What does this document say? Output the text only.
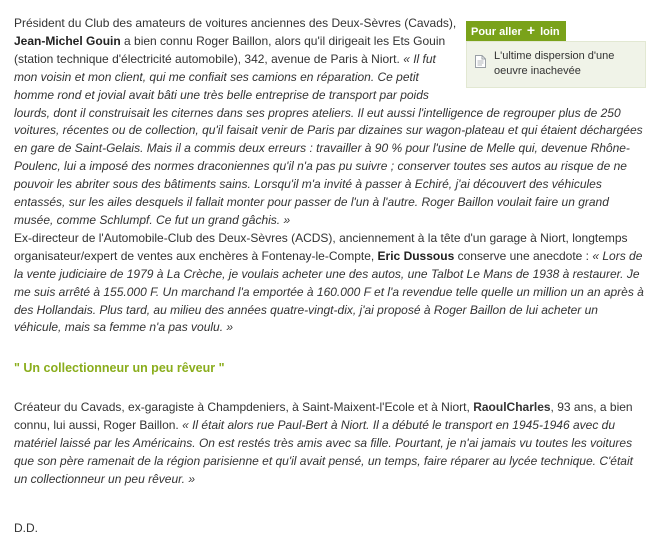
Pour aller + loin
L'ultime dispersion d'une oeuvre inachevée

Président du Club des amateurs de voitures anciennes des Deux-Sèvres (Cavads), Jean-Michel Gouin a bien connu Roger Baillon, alors qu'il dirigeait les Ets Gouin (station technique d'électricité automobile), 342, avenue de Paris à Niort. « Il fut mon voisin et mon client, qui me confiait ses camions en réparation. Ce petit homme rond et jovial avait bâti une très belle entreprise de transport par poids lourds, dont il construisait les citernes dans ses propres ateliers. Il eut aussi l'intelligence de regrouper plus de 250 voitures, récentes ou de collection, qu'il faisait venir de Paris par dizaines sur wagon-plateau et qui étaient déchargées en gare de Saint-Gelais. Mais il a commis deux erreurs : travailler à 90 % pour l'usine de Melle qui, devenue Rhône-Poulenc, lui a imposé des normes draconiennes qu'il n'a pas pu suivre ; conserver toutes ses autos au risque de ne pouvoir les abriter sous des bâtiments sains. Lorsqu'il m'a invité à passer à Echiré, j'ai découvert des véhicules entassés, sur les ailes desquels il fallait monter pour passer de l'un à l'autre. Roger Baillon voulait faire un grand musée, comme Schlumpf. Ce fut un grand gâchis. »

Ex-directeur de l'Automobile-Club des Deux-Sèvres (ACDS), anciennement à la tête d'un garage à Niort, longtemps organisateur/expert de ventes aux enchères à Fontenay-le-Compte, Eric Dussous conserve une anecdote : « Lors de la vente judiciaire de 1979 à La Crèche, je voulais acheter une des autos, une Talbot Le Mans de 1938 à restaurer. Je me suis arrêté à 155.000 F. Un marchand l'a emportée à 160.000 F et l'a revendue telle quelle un million un an après à des Hollandais. Plus tard, au milieu des années quatre-vingt-dix, j'ai proposé à Roger Baillon de lui acheter un véhicule, mais sa femme n'a pas voulu. »

" Un collectionneur un peu rêveur "

Créateur du Cavads, ex-garagiste à Champdeniers, à Saint-Maixent-l'Ecole et à Niort, RaoulCharles, 93 ans, a bien connu, lui aussi, Roger Baillon. « Il était alors rue Paul-Bert à Niort. Il a débuté le transport en 1945-1946 avec du matériel laissé par les Américains. On est restés très amis avec sa fille. Pourtant, je n'ai jamais vu toutes les voitures que son père ramenait de la région parisienne et qu'il avait pensé, un temps, faire réparer au lycée technique. C'était un collectionneur un peu rêveur. »

D.D.
